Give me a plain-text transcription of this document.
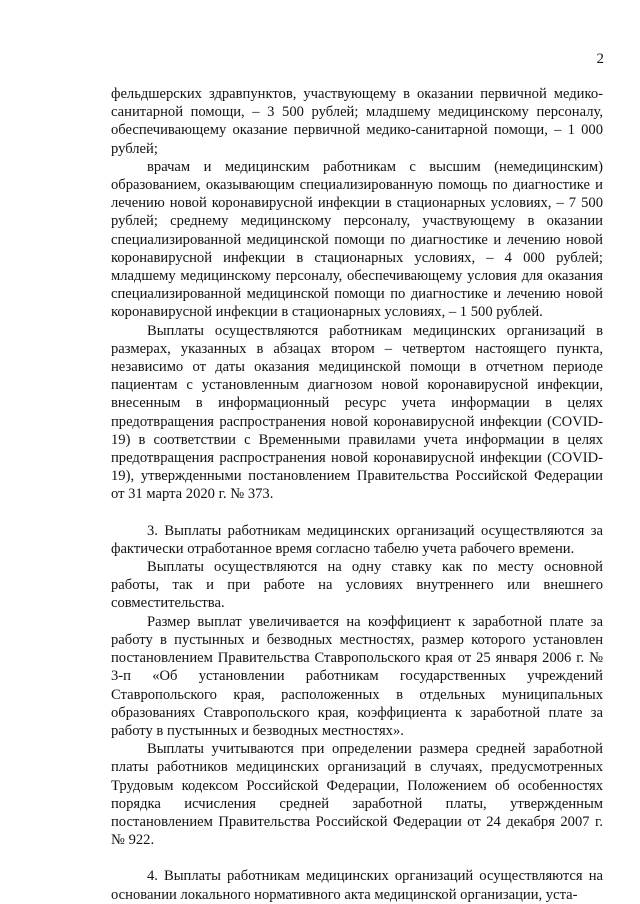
2

фельдшерских здравпунктов, участвующему в оказании первичной медико-санитарной помощи, – 3 500 рублей; младшему медицинскому персоналу, обеспечивающему оказание первичной медико-санитарной помощи, – 1 000 рублей;

врачам и медицинским работникам с высшим (немедицинским) образованием, оказывающим специализированную помощь по диагностике и лечению новой коронавирусной инфекции в стационарных условиях, – 7 500 рублей; среднему медицинскому персоналу, участвующему в оказании специализированной медицинской помощи по диагностике и лечению новой коронавирусной инфекции в стационарных условиях, – 4 000 рублей; младшему медицинскому персоналу, обеспечивающему условия для оказания специализированной медицинской помощи по диагностике и лечению новой коронавирусной инфекции в стационарных условиях, – 1 500 рублей.

Выплаты осуществляются работникам медицинских организаций в размерах, указанных в абзацах втором – четвертом настоящего пункта, независимо от даты оказания медицинской помощи в отчетном периоде пациентам с установленным диагнозом новой коронавирусной инфекции, внесенным в информационный ресурс учета информации в целях предотвращения распространения новой коронавирусной инфекции (COVID-19) в соответствии с Временными правилами учета информации в целях предотвращения распространения новой коронавирусной инфекции (COVID-19), утвержденными постановлением Правительства Российской Федерации от 31 марта 2020 г. № 373.

3. Выплаты работникам медицинских организаций осуществляются за фактически отработанное время согласно табелю учета рабочего времени.

Выплаты осуществляются на одну ставку как по месту основной работы, так и при работе на условиях внутреннего или внешнего совместительства.

Размер выплат увеличивается на коэффициент к заработной плате за работу в пустынных и безводных местностях, размер которого установлен постановлением Правительства Ставропольского края от 25 января 2006 г. № 3-п «Об установлении работникам государственных учреждений Ставропольского края, расположенных в отдельных муниципальных образованиях Ставропольского края, коэффициента к заработной плате за работу в пустынных и безводных местностях».

Выплаты учитываются при определении размера средней заработной платы работников медицинских организаций в случаях, предусмотренных Трудовым кодексом Российской Федерации, Положением об особенностях порядка исчисления средней заработной платы, утвержденным постановлением Правительства Российской Федерации от 24 декабря 2007 г. № 922.

4. Выплаты работникам медицинских организаций осуществляются на основании локального нормативного акта медицинской организации, уста-
